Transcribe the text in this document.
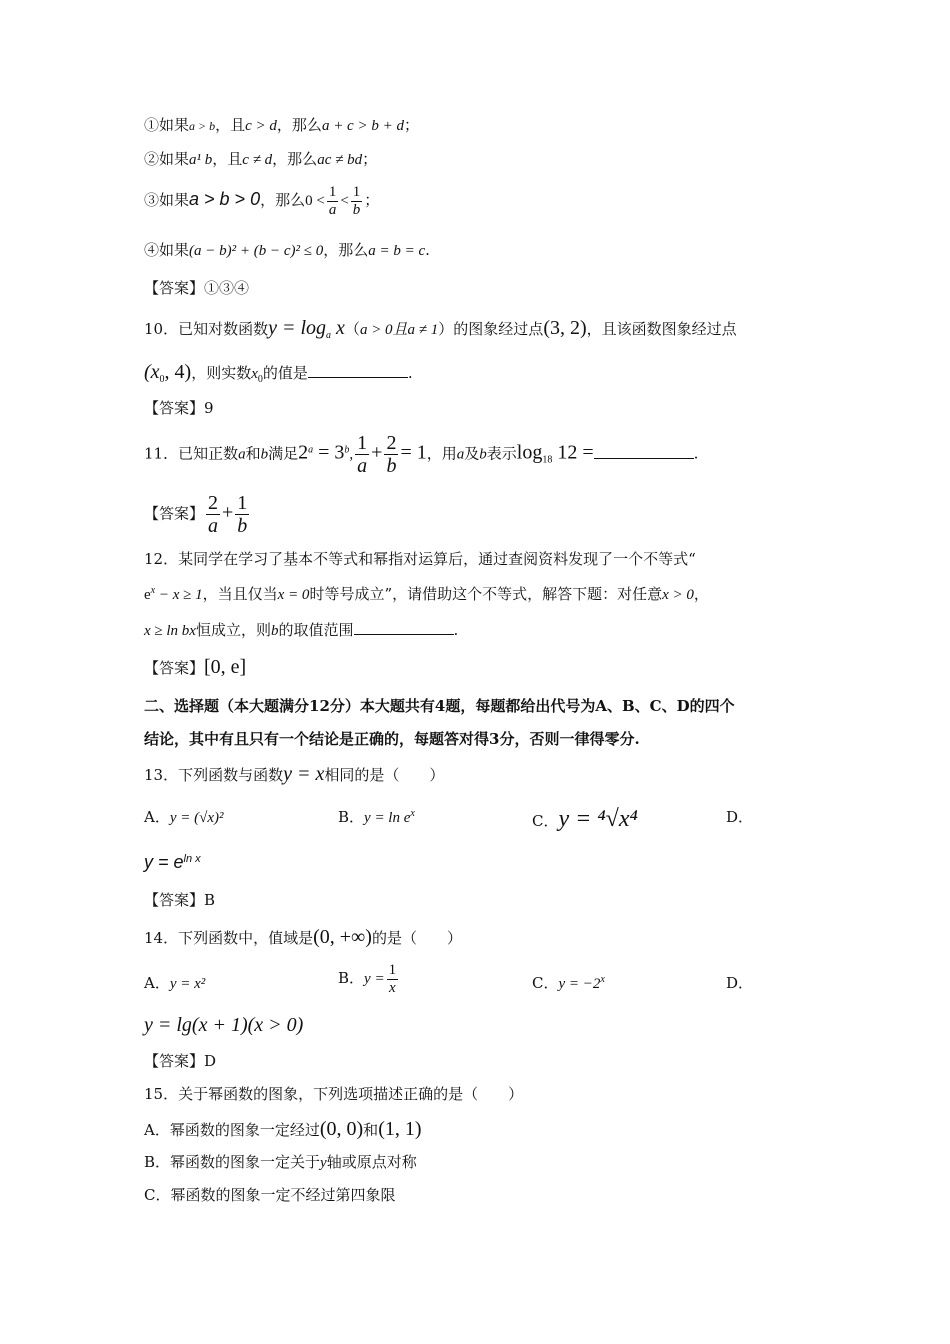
①如果a > b，且c > d，那么a + c > b + d；
②如果a¹ b，且c ≠ d，那么ac ≠ bd；
③如果a > b > 0，那么$0 < \frac{1}{a} < \frac{1}{b}$ ；
④如果(a − b)² + (b − c)² ≤ 0，那么a = b = c.
【答案】①③④
10．已知对数函数$y = \log_a x(a > 0$且a ≠ 1）的图象经过点(3, 2)，且该函数图象经过点
($x_0$, 4)，则实数$x_0$的值是	.
【答案】9
11．已知正数a和b满足$2^a = 3^b$, $\frac{1}{a} + \frac{2}{b} = 1$，用a及b表示$\log_{18} 12$ =	.
【答案】 $\frac{2}{a} + \frac{1}{b}$
12．某同学在学习了基本不等式和幂指对运算后，通过查阅资料发现了一个不等式“
$e^x - x \ge 1$，当且仅当x = 0时等号成立”，请借助这个不等式，解答下题：对任意x > 0，
x ≥ ln bx恒成立，则b的取值范围	.
【答案】[0, e]
二、选择题（本大题满分12分）本大题共有4题，每题都给出代号为A、B、C、D的四个
结论，其中有且只有一个结论是正确的，每题答对得3分，否则一律得零分.
13．下列函数与函数y = x相同的是（　　）
A．y = (√x)²	B．$y = \ln e^x$	C．y = ⁴√x⁴	D．
$y = e^{ln x}$
【答案】B
14．下列函数中，值域是(0, +∞)的是（　　）
A．y = x²	B．$y = \frac{1}{x}$	C．$y = -2^x$	D．
y = lg(x + 1)(x > 0)
【答案】D
15．关于幂函数的图象，下列选项描述正确的是（　　）
A．幂函数的图象一定经过(0, 0)和(1, 1)
B．幂函数的图象一定关于y轴或原点对称
C．幂函数的图象一定不经过第四象限
